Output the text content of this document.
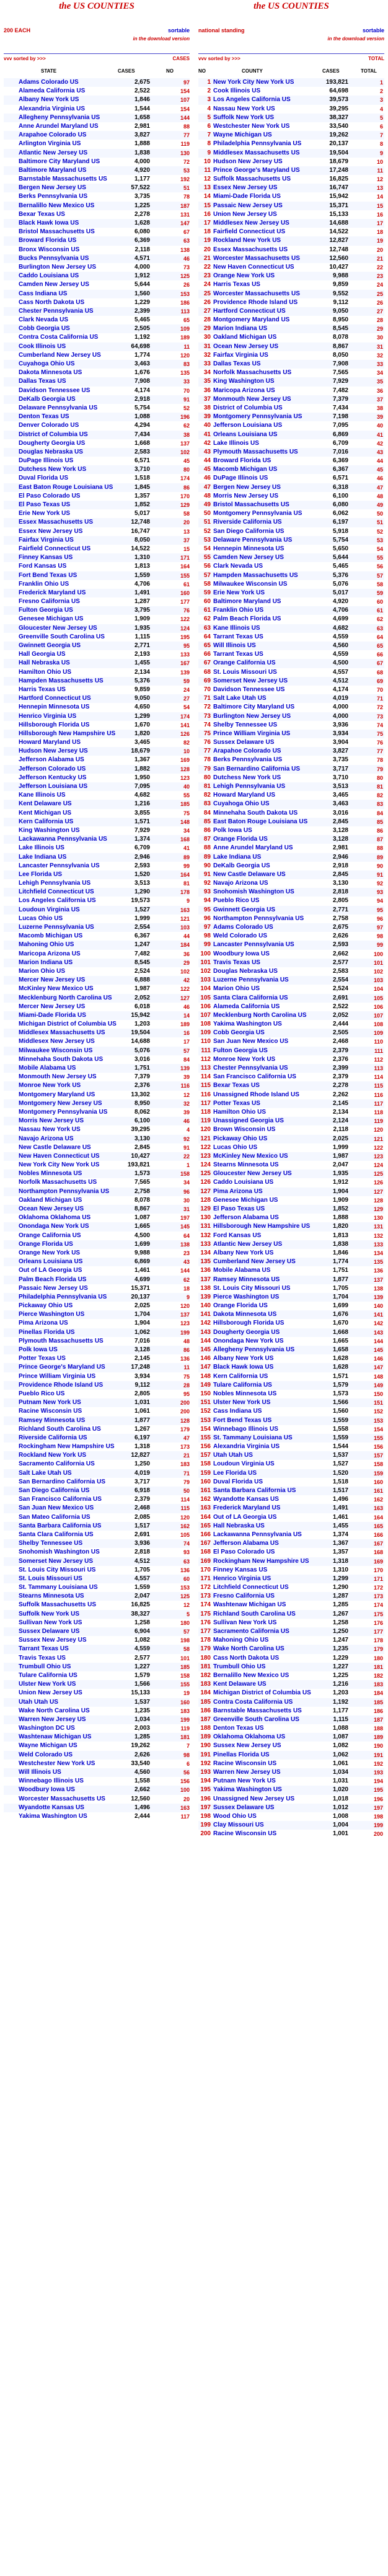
the US COUNTIES
200 EACH	sortable
in the download version
vvv sorted by >>>	CASES
STATE	CASES	NO
Adams Colorado US	2,675	97
Alameda California US	2,522	154
Albany New York US	1,846	107
Alexandria Virginia US	1,544	154
Allegheny Pennsylvania US	1,658	144
Anne Arundel Maryland US	2,981	88
Arapahoe Colorado US	3,827	77
Arlington Virginia US	1,888	119
Atlantic New Jersey US	1,838	130
Baltimore City Maryland US	4,000	72
Baltimore Maryland US	4,920	53
Barnstable Massachusetts US	1,177	192
Bergen New Jersey US	57,522	51
Berks Pennsylvania US	3,735	78
Bernalillo New Mexico US	1,225	187
Bexar Texas US	2,278	131
Black Hawk Iowa US	1,628	147
Bristol Massachusetts US	6,080	67
Broward Florida US	6,369	63
Bronx Wisconsin US	2,118	138
Bucks Pennsylvania US	4,571	46
Burlington New Jersey US	4,000	73
Caddo Louisiana US	1,912	125
Camden New Jersey US	5,644	26
Cass Indiana US	1,560	153
Cass North Dakota US	1,229	186
Chester Pennsylvania US	2,399	113
Clark Nevada US	5,465	65
Cobb Georgia US	2,505	109
Contra Costa California US	1,192	189
Cook Illinois US	64,698	11
Cumberland New Jersey US	1,774	120
Cuyahoga Ohio US	3,463	83
Dakota Minnesota US	1,676	135
Dallas Texas US	7,908	33
Davidson Tennessee US	4,174	70
DeKalb Georgia US	2,918	91
Delaware Pennsylvania US	5,754	52
Denton Texas US	1,088	196
Denver Colorado US	4,294	62
District of Columbia US	7,434	38
Dougherty Georgia US	1,668	137
Douglas Nebraska US	2,583	102
DuPage Illinois US	6,571	45
Dutchess New York US	3,710	80
Duval Florida US	1,518	174
East Baton Rouge Louisiana US	1,845	86
El Paso Colorado US	1,357	170
El Paso Texas US	1,852	129
Erie New York US	5,017	58
Essex Massachusetts US	12,748	20
Essex New Jersey US	16,747	13
Fairfax Virginia US	8,050	37
Fairfield Connecticut US	14,522	15
Finney Kansas US	1,310	171
Ford Kansas US	1,813	164
Fort Bend Texas US	1,559	155
Franklin Ohio US	4,706	61
Frederick Maryland US	1,491	160
Fresno California US	1,287	177
Fulton Georgia US	3,795	76
Genesee Michigan US	1,909	122
Gloucester New Jersey US	1,935	124
Greenville South Carolina US	1,115	195
Gwinnett Georgia US	2,771	95
Hall Georgia US	2,193	133
Hall Nebraska US	1,455	167
Hamilton Ohio US	2,134	139
Hampden Massachusetts US	5,376	59
Harris Texas US	9,859	24
Hartford Connecticut US	9,050	27
Hennepin Minnesota US	4,650	54
Henrico Virginia US	1,299	174
Hillsborough Florida US	1,670	141
Hillsborough New Hampshire US	1,820	126
Howard Maryland US	3,465	82
Hudson New Jersey US	18,679	10
Jefferson Alabama US	1,367	169
Jefferson Colorado US	1,882	128
Jefferson Kentucky US	1,950	123
Jefferson Louisiana US	7,095	40
Kane Illinois US	4,682	55
Kent Delaware US	1,216	185
Kent Michigan US	3,855	75
Kern California US	1,571	148
King Washington US	7,929	34
Lackawanna Pennsylvania US	1,374	168
Lake Illinois US	6,709	41
Lake Indiana US	2,946	89
Lancaster Pennsylvania US	2,593	99
Lee Florida US	1,520	164
Lehigh Pennsylvania US	3,513	81
Litchfield Connecticut US	1,290	178
Los Angeles California US	19,573	9
Loudoun Virginia US	1,527	163
Lucas Ohio US	1,999	121
Luzerne Pennsylvania US	2,554	103
Macomb Michigan US	6,367	44
Mahoning Ohio US	1,247	184
Maricopa Arizona US	7,482	36
Marion Indiana US	8,545	29
Marion Ohio US	2,524	102
Mercer New Jersey US	6,888	42
McKinley New Mexico US	1,987	122
Mecklenburg North Carolina US	2,052	127
Mercer New Jersey US	6,018	46
Miami-Dade Florida US	15,942	14
Michigan District of Columbia US	1,203	189
Middlesex Massachusetts US	19,504	16
Middlesex New Jersey US	14,688	17
Milwaukee Wisconsin US	5,076	57
Minnehaha South Dakota US	3,016	84
Mobile Alabama US	1,751	139
Monmouth New Jersey US	7,379	39
Monroe New York US	2,376	116
Montgomery Maryland US	13,302	12
Montgomery New Jersey US	8,950	32
Montgomery Pennsylvania US	8,062	39
Morris New Jersey US	6,100	46
Nassau New York US	39,295	4
Navajo Arizona US	3,130	92
New Castle Delaware US	2,845	91
New Haven Connecticut US	10,427	22
New York City New York US	193,821	1
Nobles Minnesota US	1,573	158
Norfolk Massachusetts US	7,565	34
Northampton Pennsylvania US	2,758	96
Oakland Michigan US	8,078	30
Ocean New Jersey US	8,867	31
Oklahoma Oklahoma US	1,087	197
Onondaga New York US	1,665	145
Orange California US	4,500	64
Orange Florida US	1,699	138
Orange New York US	9,988	23
Orleans Louisiana US	6,869	43
Out of LA Georgia US	1,461	144
Palm Beach Florida US	4,699	62
Passaic New Jersey US	15,371	18
Philadelphia Pennsylvania US	20,137	9
Pickaway Ohio US	2,025	120
Pierce Washington US	1,704	137
Pima Arizona US	1,904	123
Pinellas Florida US	1,062	199
Plymouth Massachusetts US	7,016	48
Polk Iowa US	3,128	86
Potter Texas US	2,145	136
Prince George's Maryland US	17,248	11
Prince William Virginia US	3,934	75
Providence Rhode Island US	9,112	28
Pueblo Rico US	2,805	95
Putnam New York US	1,031	200
Racine Wisconsin US	1,061	200
Ramsey Minnesota US	1,877	128
Richland South Carolina US	1,267	179
Riverside California US	6,197	47
Rockingham New Hampshire US	1,318	173
Rockland New York US	12,827	21
Sacramento California US	1,250	183
Salt Lake Utah US	4,019	71
San Bernardino California US	3,717	79
San Diego California US	6,918	50
San Francisco California US	2,379	114
San Juan New Mexico US	2,468	115
San Mateo California US	2,085	120
Santa Barbara California US	1,517	162
Santa Clara California US	2,691	105
Shelby Tennessee US	3,936	74
Snohomish Washington US	2,818	93
Somerset New Jersey US	4,512	63
St. Louis City Missouri US	1,705	136
St. Louis Missouri US	4,557	60
St. Tammany Louisiana US	1,559	153
Stearns Minnesota US	2,047	125
Suffolk Massachusetts US	16,825	12
Suffolk New York US	38,327	5
Sullivan New York US	1,258	180
Sussex Delaware US	6,904	57
Sussex New Jersey US	1,082	198
Tarrant Texas US	4,559	58
Travis Texas US	2,577	101
Trumbull Ohio US	1,227	185
Tulare California US	1,579	158
Ulster New York US	1,566	155
Union New Jersey US	15,133	19
Utah Utah US	1,537	160
Wake North Carolina US	1,235	183
Warren New Jersey US	1,034	199
Washington DC US	2,003	119
Washtenaw Michigan US	1,285	181
Wayne Michigan US	19,262	7
Weld Colorado US	2,626	98
Westchester New York US	33,540	6
Will Illinois US	4,560	56
Winnebago Illinois US	1,558	156
Woodbury Iowa US	2,662	100
Worcester Massachusetts US	12,560	20
Wyandotte Kansas US	1,496	163
Yakima Washington US	2,444	117
the US COUNTIES
national standing	sortable
in the download version
vvv sorted by >>>	TOTAL
NO	COUNTY	CASES	TOTAL
1 New York City New York US	193,821	1
2 Cook Illinois US	64,698	2
3 Los Angeles California US	39,573	3
4 Nassau New York US	39,295	4
5 Suffolk New York US	38,327	5
6 Westchester New York US	33,540	6
7 Wayne Michigan US	19,262	7
8 Philadelphia Pennsylvania US	20,137	8
9 Middlesex Massachusetts US	19,504	9
10 Hudson New Jersey US	18,679	10
11 Prince George's Maryland US	17,248	11
12 Suffolk Massachusetts US	16,825	12
13 Essex New Jersey US	16,747	13
14 Miami-Dade Florida US	15,942	14
15 Passaic New Jersey US	15,371	15
16 Union New Jersey US	15,133	16
17 Middlesex New Jersey US	14,688	17
18 Fairfield Connecticut US	14,522	18
19 Rockland New York US	12,827	19
20 Essex Massachusetts US	12,748	20
21 Worcester Massachusetts US	12,560	21
22 New Haven Connecticut US	10,427	22
23 Orange New York US	9,988	23
24 Harris Texas US	9,859	24
25 Worcester Massachusetts US	9,552	25
26 Providence Rhode Island US	9,112	26
27 Hartford Connecticut US	9,050	27
28 Montgomery Maryland US	8,950	28
29 Marion Indiana US	8,545	29
30 Oakland Michigan US	8,078	30
31 Ocean New Jersey US	8,867	31
32 Fairfax Virginia US	8,050	32
33 Dallas Texas US	7,908	33
34 Norfolk Massachusetts US	7,565	34
35 King Washington US	7,929	35
36 Maricopa Arizona US	7,482	36
37 Monmouth New Jersey US	7,379	37
38 District of Columbia US	7,434	38
39 Montgomery Pennsylvania US	7,198	39
40 Jefferson Louisiana US	7,095	40
41 Orleans Louisiana US	6,869	41
42 Lake Illinois US	6,709	42
43 Plymouth Massachusetts US	7,016	43
44 Broward Florida US	6,369	44
45 Macomb Michigan US	6,367	45
46 DuPage Illinois US	6,571	46
47 Bergen New Jersey US	6,318	47
48 Morris New Jersey US	6,100	48
49 Bristol Massachusetts US	6,080	49
50 Montgomery Pennsylvania US	6,062	50
51 Riverside California US	6,197	51
52 San Diego California US	5,918	52
53 Delaware Pennsylvania US	5,754	53
54 Hennepin Minnesota US	5,650	54
55 Camden New Jersey US	5,644	55
56 Clark Nevada US	5,465	56
57 Hampden Massachusetts US	5,376	57
58 Milwaukee Wisconsin US	5,076	58
59 Erie New York US	5,017	59
60 Baltimore Maryland US	4,920	60
61 Franklin Ohio US	4,706	61
62 Palm Beach Florida US	4,699	62
63 Kane Illinois US	4,682	63
64 Tarrant Texas US	4,559	64
65 Will Illinois US	4,560	65
66 Tarrant Texas US	4,559	66
67 Orange California US	4,500	67
68 St. Louis Missouri US	4,557	68
69 Somerset New Jersey US	4,512	69
70 Davidson Tennessee US	4,174	70
71 Salt Lake Utah US	4,019	71
72 Baltimore City Maryland US	4,000	72
73 Burlington New Jersey US	4,000	73
74 Shelby Tennessee US	3,936	74
75 Prince William Virginia US	3,934	75
76 Sussex Delaware US	3,904	76
77 Arapahoe Colorado US	3,827	77
78 Berks Pennsylvania US	3,735	78
79 San Bernardino California US	3,717	79
80 Dutchess New York US	3,710	80
81 Lehigh Pennsylvania US	3,513	81
82 Howard Maryland US	3,465	82
83 Cuyahoga Ohio US	3,463	83
84 Minnehaha South Dakota US	3,016	84
85 East Baton Rouge Louisiana US	2,845	85
86 Polk Iowa US	3,128	86
87 Orange Florida US	3,128	87
88 Anne Arundel Maryland US	2,981	88
89 Lake Indiana US	2,946	89
90 DeKalb Georgia US	2,918	90
91 New Castle Delaware US	2,845	91
92 Navajo Arizona US	3,130	92
93 Snohomish Washington US	2,818	93
94 Pueblo Rico US	2,805	94
95 Gwinnett Georgia US	2,771	95
96 Northampton Pennsylvania US	2,758	96
97 Adams Colorado US	2,675	97
98 Weld Colorado US	2,626	98
99 Lancaster Pennsylvania US	2,593	99
100 Woodbury Iowa US	2,662	100
101 Travis Texas US	2,577	101
102 Douglas Nebraska US	2,583	102
103 Luzerne Pennsylvania US	2,554	103
104 Marion Ohio US	2,524	104
105 Santa Clara California US	2,691	105
106 Alameda California US	2,522	106
107 Mecklenburg North Carolina US	2,052	107
108 Yakima Washington US	2,444	108
109 Cobb Georgia US	2,505	109
110 San Juan New Mexico US	2,468	110
111 Fulton Georgia US	2,379	111
112 Monroe New York US	2,376	112
113 Chester Pennsylvania US	2,399	113
114 San Francisco California US	2,379	114
115 Bexar Texas US	2,278	115
116 Unassigned Rhode Island US	2,262	116
117 Potter Texas US	2,145	117
118 Hamilton Ohio US	2,134	118
119 Unassigned Georgia US	2,124	119
120 Brown Wisconsin US	2,118	120
121 Pickaway Ohio US	2,025	121
122 Lucas Ohio US	1,999	122
123 McKinley New Mexico US	1,987	123
124 Stearns Minnesota US	2,047	124
125 Gloucester New Jersey US	1,935	125
126 Caddo Louisiana US	1,912	126
127 Pima Arizona US	1,904	127
128 Genesee Michigan US	1,909	128
129 El Paso Texas US	1,852	129
130 Jefferson Alabama US	1,888	130
131 Hillsborough New Hampshire US	1,820	131
132 Ford Kansas US	1,813	132
133 Atlantic New Jersey US	1,838	133
134 Albany New York US	1,846	134
135 Cumberland New Jersey US	1,774	135
136 Mobile Alabama US	1,751	136
137 Ramsey Minnesota US	1,877	137
138 St. Louis City Missouri US	1,705	138
139 Pierce Washington US	1,704	139
140 Orange Florida US	1,699	140
141 Dakota Minnesota US	1,676	141
142 Hillsborough Florida US	1,670	142
143 Dougherty Georgia US	1,668	143
144 Onondaga New York US	1,665	144
145 Allegheny Pennsylvania US	1,658	145
146 Albany New York US	1,628	146
147 Black Hawk Iowa US	1,628	147
148 Kern California US	1,571	148
149 Tulare California US	1,579	149
150 Nobles Minnesota US	1,573	150
151 Ulster New York US	1,566	151
152 Cass Indiana US	1,560	152
153 Fort Bend Texas US	1,559	153
154 Winnebago Illinois US	1,558	154
155 St. Tammany Louisiana US	1,559	155
156 Alexandria Virginia US	1,544	156
157 Utah Utah US	1,537	157
158 Loudoun Virginia US	1,527	158
159 Lee Florida US	1,520	159
160 Duval Florida US	1,518	160
161 Santa Barbara California US	1,517	161
162 Wyandotte Kansas US	1,496	162
163 Frederick Maryland US	1,491	163
164 Out of LA Georgia US	1,461	164
165 Hall Nebraska US	1,455	165
166 Lackawanna Pennsylvania US	1,374	166
167 Jefferson Alabama US	1,367	167
168 El Paso Colorado US	1,357	168
169 Rockingham New Hampshire US	1,318	169
170 Finney Kansas US	1,310	170
171 Henrico Virginia US	1,299	171
172 Litchfield Connecticut US	1,290	172
173 Fresno California US	1,287	173
174 Washtenaw Michigan US	1,285	174
175 Richland South Carolina US	1,267	175
176 Sullivan New York US	1,258	176
177 Sacramento California US	1,250	177
178 Mahoning Ohio US	1,247	178
179 Wake North Carolina US	1,235	179
180 Cass North Dakota US	1,229	180
181 Trumbull Ohio US	1,227	181
182 Bernalillo New Mexico US	1,225	182
183 Kent Delaware US	1,216	183
184 Michigan District of Columbia US	1,203	184
185 Contra Costa California US	1,192	185
186 Barnstable Massachusetts US	1,177	186
187 Greenville South Carolina US	1,115	187
188 Denton Texas US	1,088	188
189 Oklahoma Oklahoma US	1,087	189
190 Sussex New Jersey US	1,082	190
191 Pinellas Florida US	1,062	191
192 Racine Wisconsin US	1,061	192
193 Warren New Jersey US	1,034	193
194 Putnam New York US	1,031	194
195 Yakima Washington US	1,020	195
196 Unassigned New Jersey US	1,018	196
197 Sussex Delaware US	1,012	197
198 Wood Ohio US	1,008	198
199 Clay Missouri US	1,004	199
200 Racine Wisconsin US	1,001	200
